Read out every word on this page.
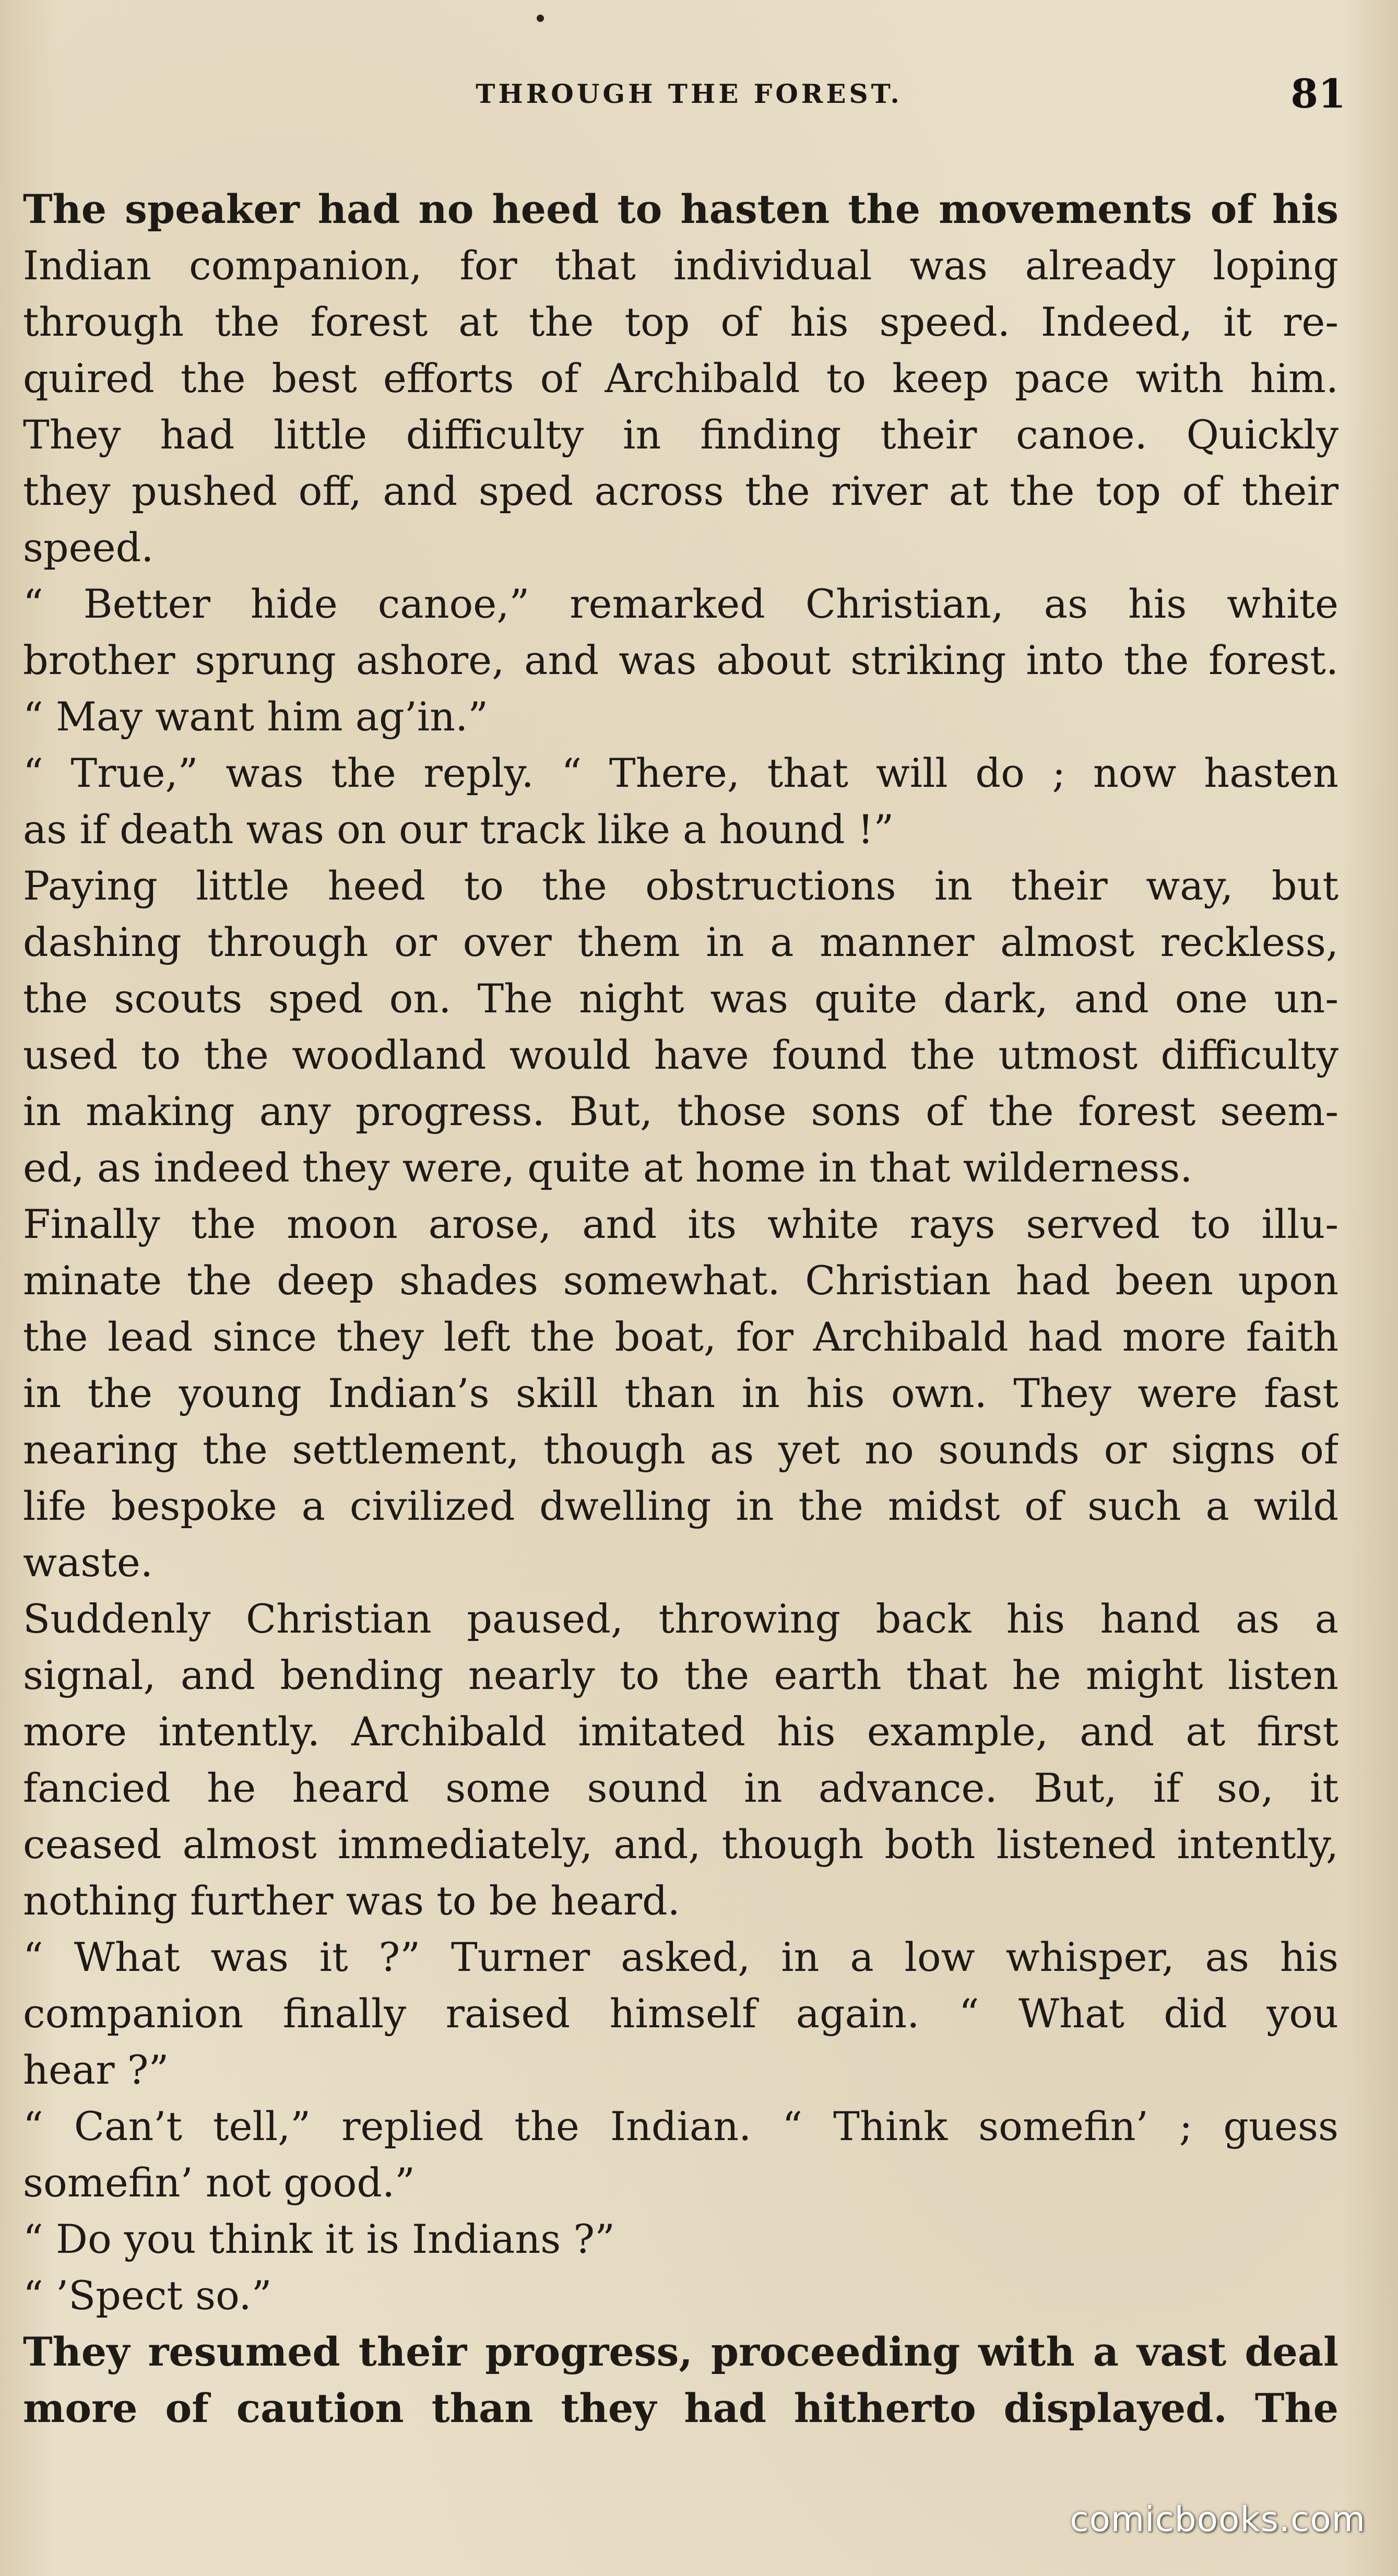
THROUGH THE FOREST.	81
The speaker had no heed to hasten the movements of his
Indian companion, for that individual was already loping
through the forest at the top of his speed. Indeed, it re-
quired the best efforts of Archibald to keep pace with him.
They had little difficulty in finding their canoe. Quickly
they pushed off, and sped across the river at the top of their
speed.
“ Better hide canoe,” remarked Christian, as his white
brother sprung ashore, and was about striking into the forest.
“ May want him ag’in.”
“ True,” was the reply. “ There, that will do ; now hasten
as if death was on our track like a hound !”
Paying little heed to the obstructions in their way, but
dashing through or over them in a manner almost reckless,
the scouts sped on. The night was quite dark, and one un-
used to the woodland would have found the utmost difficulty
in making any progress. But, those sons of the forest seem-
ed, as indeed they were, quite at home in that wilderness.
Finally the moon arose, and its white rays served to illu-
minate the deep shades somewhat. Christian had been upon
the lead since they left the boat, for Archibald had more faith
in the young Indian’s skill than in his own. They were fast
nearing the settlement, though as yet no sounds or signs of
life bespoke a civilized dwelling in the midst of such a wild
waste.
Suddenly Christian paused, throwing back his hand as a
signal, and bending nearly to the earth that he might listen
more intently. Archibald imitated his example, and at first
fancied he heard some sound in advance. But, if so, it
ceased almost immediately, and, though both listened intently,
nothing further was to be heard.
“ What was it ?” Turner asked, in a low whisper, as his
companion finally raised himself again. “ What did you
hear ?”
“ Can’t tell,” replied the Indian. “ Think somefin’ ; guess
somefin’ not good.”
“ Do you think it is Indians ?”
“ ’Spect so.”
They resumed their progress, proceeding with a vast deal
more of caution than they had hitherto displayed. The
comicbooks.com
